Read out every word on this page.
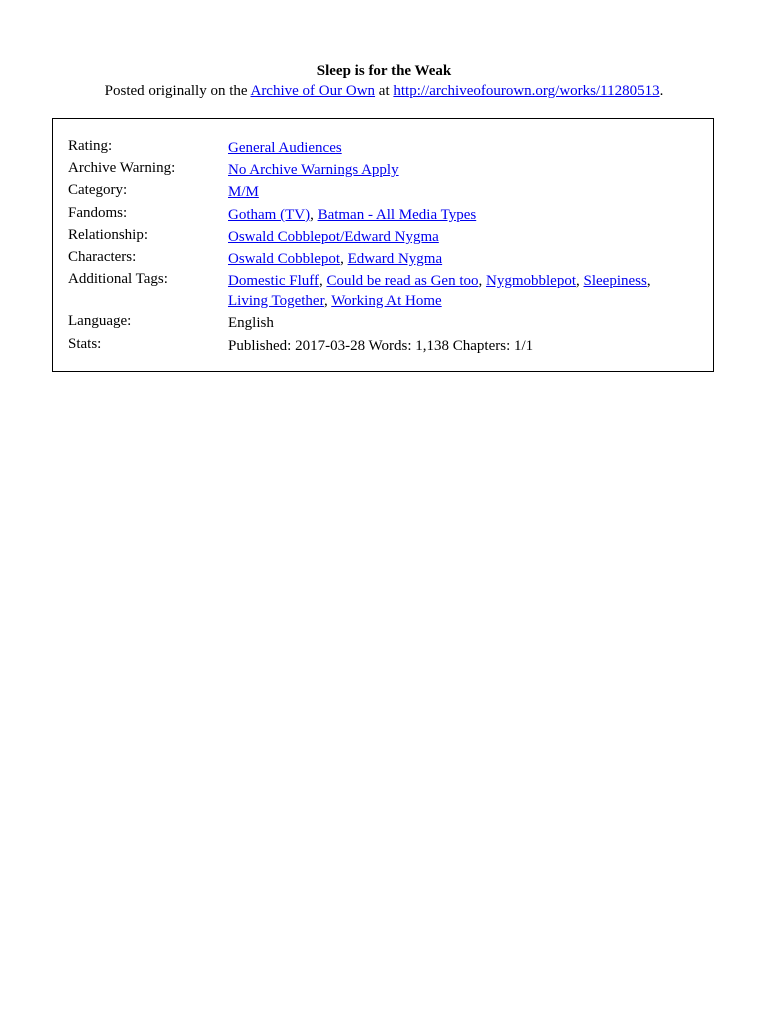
Sleep is for the Weak
Posted originally on the Archive of Our Own at http://archiveofourown.org/works/11280513.
Rating:	General Audiences
Archive Warning:	No Archive Warnings Apply
Category:	M/M
Fandoms:	Gotham (TV), Batman - All Media Types
Relationship:	Oswald Cobblepot/Edward Nygma
Characters:	Oswald Cobblepot, Edward Nygma
Additional Tags:	Domestic Fluff, Could be read as Gen too, Nygmobblepot, Sleepiness,
Living Together, Working At Home
Language:	English
Stats:	Published: 2017-03-28 Words: 1,138 Chapters: 1/1
